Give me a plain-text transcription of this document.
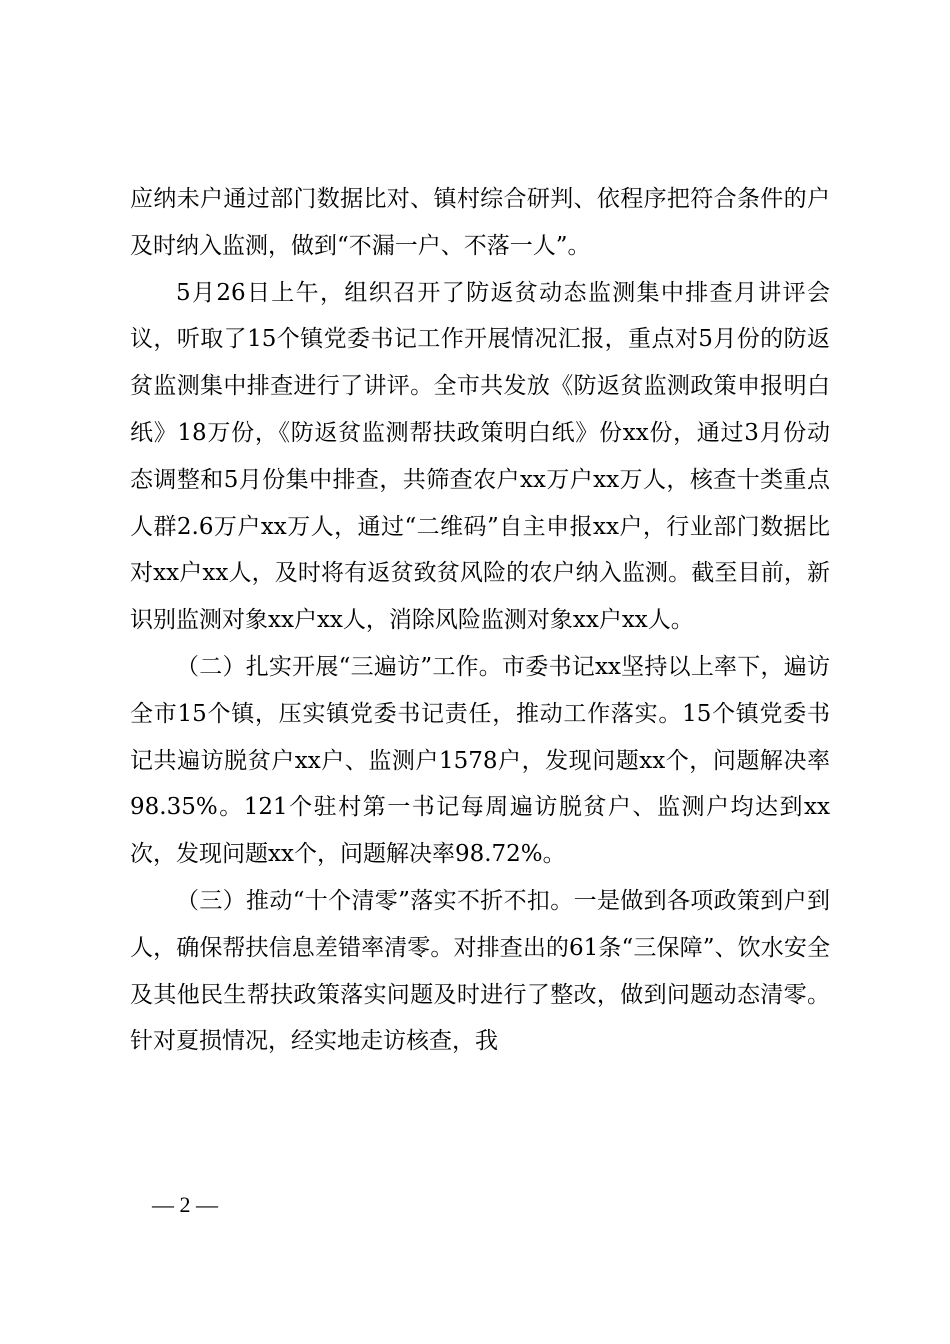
应纳未户通过部门数据比对、镇村综合研判、依程序把符合条件的户及时纳入监测，做到“不漏一户、不落一人”。

5月26日上午，组织召开了防返贫动态监测集中排查月讲评会议，听取了15个镇党委书记工作开展情况汇报，重点对5月份的防返贫监测集中排查进行了讲评。全市共发放《防返贫监测政策申报明白纸》18万份，《防返贫监测帮扶政策明白纸》份xx份，通过3月份动态调整和5月份集中排查，共筛查农户xx万户xx万人，核查十类重点人群2.6万户xx万人，通过“二维码”自主申报xx户，行业部门数据比对xx户xx人，及时将有返贫致贫风险的农户纳入监测。截至目前，新识别监测对象xx户xx人，消除风险监测对象xx户xx人。

（二）扎实开展“三遍访”工作。市委书记xx坚持以上率下，遍访全市15个镇，压实镇党委书记责任，推动工作落实。15个镇党委书记共遍访脱贫户xx户、监测户1578户，发现问题xx个，问题解决率98.35%。121个驻村第一书记每周遍访脱贫户、监测户均达到xx次，发现问题xx个，问题解决率98.72%。

（三）推动“十个清零”落实不折不扣。一是做到各项政策到户到人，确保帮扶信息差错率清零。对排查出的61条“三保障”、饮水安全及其他民生帮扶政策落实问题及时进行了整改，做到问题动态清零。针对夏损情况，经实地走访核查，我

— 2 —
